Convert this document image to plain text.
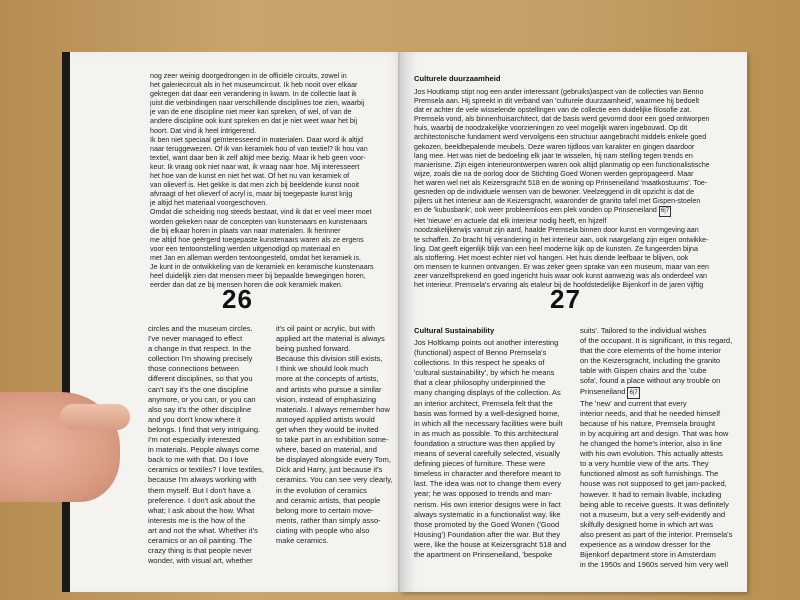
nog zeer weinig doorgedrongen in de officiële circuits, zowel in

het galeriecircuit als in het museumcircuit. Ik heb nooit over elkaar

gekregen dat daar een verandering in kwam. In de collectie laat ik

juist die verbindingen naar verschillende disciplines toe zien, waarbij

je van de ene discipline niet meer kan spreken, of wel, of van de

andere discipline ook kunt spreken en dat je niet weet waar het bij

hoort. Dat vind ik heel intrigerend.

Ik ben niet speciaal geïnteresseerd in materialen. Daar word ik altijd

naar teruggewezen. Of ik van keramiek hou of van textiel? Ik hou van

textiel, want daar ben ik zelf altijd mee bezig. Maar ik heb geen voor-

keur. Ik vraag ook niet naar wat, ik vraag naar hoe. Mij interesseert

het hoe van de kunst en niet het wat. Of het nu van keramiek of

van olieverf is. Het gekke is dat men zich bij beeldende kunst nooit

afvraagt of het olieverf of acryl is, maar bij toegepaste kunst krijg

je altijd het materiaal voorgeschoven.

Omdat die scheiding nog steeds bestaat, vind ik dat er veel meer moet

worden gekeken naar de concepten van kunstenaars en kunstenaars

die bij elkaar horen in plaats van naar materialen. Ik herinner

me altijd hoe geërgerd toegepaste kunstenaars waren als ze ergens

voor een tentoonstelling werden uitgenodigd op materiaal en

met Jan en alleman werden tentoongesteld, omdat het keramiek is.

Je kunt in de ontwikkeling van de keramiek en keramische kunstenaars

heel duidelijk zien dat mensen meer bij bepaalde bewegingen horen,

eerder dan dat ze bij mensen horen die ook keramiek maken.

26

circles and the museum circles.

I've never managed to effect

a change in that respect. In the

collection I'm showing precisely

those connections between

different disciplines, so that you

can't say it's the one discipline

anymore, or you can, or you can

also say it's the other discipline

and you don't know where it

belongs. I find that very intriguing.

I'm not especially interested

in materials. People always come

back to me with that. Do I love

ceramics or textiles? I love textiles,

because I'm always working with

them myself. But I don't have a

preference. I don't ask about the

what; I ask about the how. What

interests me is the how of the

art and not the what. Whether it's

ceramics or an oil painting. The

crazy thing is that people never

wonder, with visual art, whether

it's oil paint or acrylic, but with

applied art the material is always

being pushed forward.

Because this division still exists,

I think we should look much

more at the concepts of artists,

and artists who pursue a similar

vision, instead of emphasizing

materials. I always remember how

annoyed applied artists would

get when they would be invited

to take part in an exhibition some-

where, based on material, and

be displayed alongside every Tom,

Dick and Harry, just because it's

ceramics. You can see very clearly,

in the evolution of ceramics

and ceramic artists, that people

belong more to certain move-

ments, rather than simply asso-

ciating with people who also

make ceramics.

Culturele duurzaamheid

Jos Houtkamp stipt nog een ander interessant (gebruiks)aspect van de collecties van Benno

Premsela aan. Hij spreekt in dit verband van 'culturele duurzaamheid', waarmee hij bedoelt

dat er achter de vele wisselende opstellingen van de collectie een duidelijke filosofie zat.

Premsela vond, als binnenhuisarchitect, dat de basis werd gevormd door een goed ontworpen

huis, waarbij de noodzakelijke voorzieningen zo veel mogelijk waren ingebouwd. Op dit

architectonische fundament werd vervolgens een structuur aangebracht middels enkele goed

gekozen, beeldbepalende meubels. Deze waren tijdloos van karakter en gingen daardoor

lang mee. Het was niet de bedoeling elk jaar te wisselen, hij nam stelling tegen trends en

manierisme. Zijn eigen interieurontwerpen waren ook altijd planmatig op een functionalistische

wijze, zoals die na de oorlog door de Stichting Goed Wonen werden gepropageerd. Maar

het waren wel net als Keizersgracht 518 en de woning op Prinseneiland 'maatkostuums'. Toe-

gesneden op de individuele wensen van de bewoner. Veelzeggend in dit opzicht is dat de

pijlers uit het interieur aan de Keizersgracht, waaronder de granito tafel met Gispen-stoelen

en de 'kubusbank', ook weer probleemloos een plek vonden op Prinseneiland 6|7

Het 'nieuwe' en actuele dat elk interieur nodig heeft, en hijzelf

noodzakelijkerwijs vanuit zijn aard, haalde Premsela binnen door kunst en vormgeving aan

te schaffen. Zo bracht hij verandering in het interieur aan, ook naargelang zijn eigen ontwikke-

ling. Dat geeft eigenlijk blijk van een heel moderne kijk op de kunsten. Ze fungeerden bijna

als stoffering. Het moest echter niet vol hangen. Het huis diende leefbaar te blijven, ook

om mensen te kunnen ontvangen. Er was zeker geen sprake van een museum, maar van een

zeer vanzelfsprekend en goed ingericht huis waar ook kunst aanwezig was als onderdeel van

het interieur. Premsela's ervaring als etaleur bij de hoofdstedelijke Bijenkorf in de jaren vijftig

27
Cultural Sustainability

Jos Holtkamp points out another interesting

(functional) aspect of Benno Premsela's

collections. In this respect he speaks of

'cultural sustainability', by which he means

that a clear philosophy underpinned the

many changing displays of the collection. As

an interior architect, Premsela felt that the

basis was formed by a well-designed home,

in which all the necessary facilities were built

in as much as possible. To this architectural

foundation a structure was then applied by

means of several carefully selected, visually

defining pieces of furniture. These were

timeless in character and therefore meant to

last. The idea was not to change them every

year; he was opposed to trends and man-

nerism. His own interior designs were in fact

always systematic in a functionalist way, like

those promoted by the Goed Wonen ('Good

Housing') Foundation after the war. But they

were, like the house at Keizersgracht 518 and

the apartment on Prinseneiland, 'bespoke

suits'. Tailored to the individual wishes

of the occupant. It is significant, in this regard,

that the core elements of the home interior

on the Keizersgracht, including the granito

table with Gispen chairs and the 'cube

sofa', found a place without any trouble on

Prinseneiland 6|7

The 'new' and current that every

interior needs, and that he needed himself

because of his nature, Premsela brought

in by acquiring art and design. That was how

he changed the home's interior, also in line

with his own evolution. This actually attests

to a very humble view of the arts. They

functioned almost as soft furnishings. The

house was not supposed to get jam-packed,

however. It had to remain livable, including

being able to receive guests. It was definitely

not a museum, but a very self-evidently and

skilfully designed home in which art was

also present as part of the interior. Premsela's

experience as a window dresser for the

Bijenkorf department store in Amsterdam

in the 1950s and 1960s served him very well
